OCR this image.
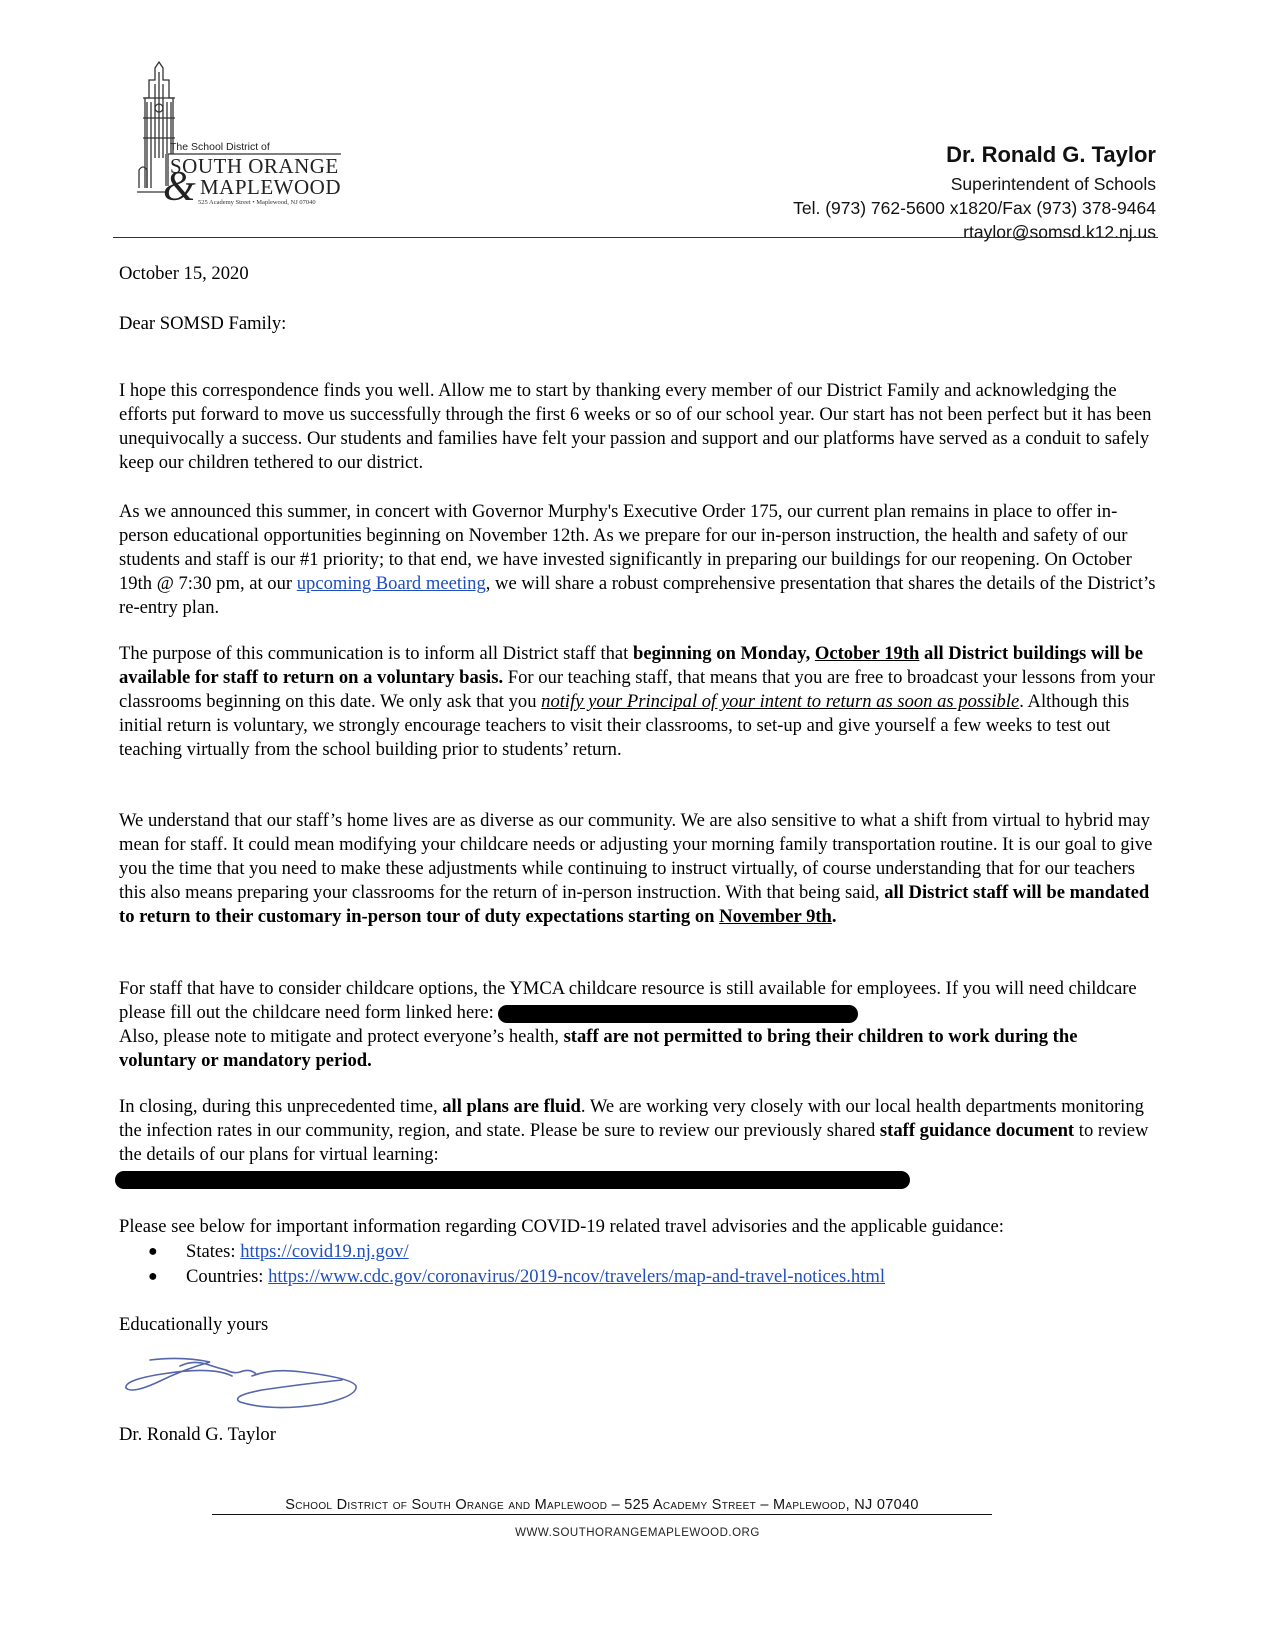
The School District of
SOUTH ORANGE
& MAPLEWOOD
525 Academy Street • Maplewood, NJ 07040
Dr. Ronald G. Taylor
Superintendent of Schools
Tel. (973) 762-5600 x1820/Fax (973) 378-9464
rtaylor@somsd.k12.nj.us
October 15, 2020
Dear SOMSD Family:

I hope this correspondence finds you well. Allow me to start by thanking every member of our District Family and acknowledging the efforts put forward to move us successfully through the first 6 weeks or so of our school year. Our start has not been perfect but it has been unequivocally a success. Our students and families have felt your passion and support and our platforms have served as a conduit to safely keep our children tethered to our district.

As we announced this summer, in concert with Governor Murphy's Executive Order 175, our current plan remains in place to offer in-person educational opportunities beginning on November 12th. As we prepare for our in-person instruction, the health and safety of our students and staff is our #1 priority; to that end, we have invested significantly in preparing our buildings for our reopening. On October 19th @ 7:30 pm, at our upcoming Board meeting, we will share a robust comprehensive presentation that shares the details of the District’s re-entry plan.

The purpose of this communication is to inform all District staff that beginning on Monday, October 19th all District buildings will be available for staff to return on a voluntary basis. For our teaching staff, that means that you are free to broadcast your lessons from your classrooms beginning on this date. We only ask that you notify your Principal of your intent to return as soon as possible. Although this initial return is voluntary, we strongly encourage teachers to visit their classrooms, to set-up and give yourself a few weeks to test out teaching virtually from the school building prior to students’ return.

We understand that our staff’s home lives are as diverse as our community. We are also sensitive to what a shift from virtual to hybrid may mean for staff. It could mean modifying your childcare needs or adjusting your morning family transportation routine. It is our goal to give you the time that you need to make these adjustments while continuing to instruct virtually, of course understanding that for our teachers this also means preparing your classrooms for the return of in-person instruction. With that being said, all District staff will be mandated to return to their customary in-person tour of duty expectations starting on November 9th.

For staff that have to consider childcare options, the YMCA childcare resource is still available for employees. If you will need childcare please fill out the childcare need form linked here:
Also, please note to mitigate and protect everyone’s health, staff are not permitted to bring their children to work during the voluntary or mandatory period.

In closing, during this unprecedented time, all plans are fluid. We are working very closely with our local health departments monitoring the infection rates in our community, region, and state. Please be sure to review our previously shared staff guidance document to review the details of our plans for virtual learning:

Please see below for important information regarding COVID-19 related travel advisories and the applicable guidance:

● States: https://covid19.nj.gov/
● Countries: https://www.cdc.gov/coronavirus/2019-ncov/travelers/map-and-travel-notices.html
Educationally yours
Dr. Ronald G. Taylor
School District of South Orange and Maplewood – 525 Academy Street – Maplewood, NJ 07040
WWW.SOUTHORANGEMAPLEWOOD.ORG
